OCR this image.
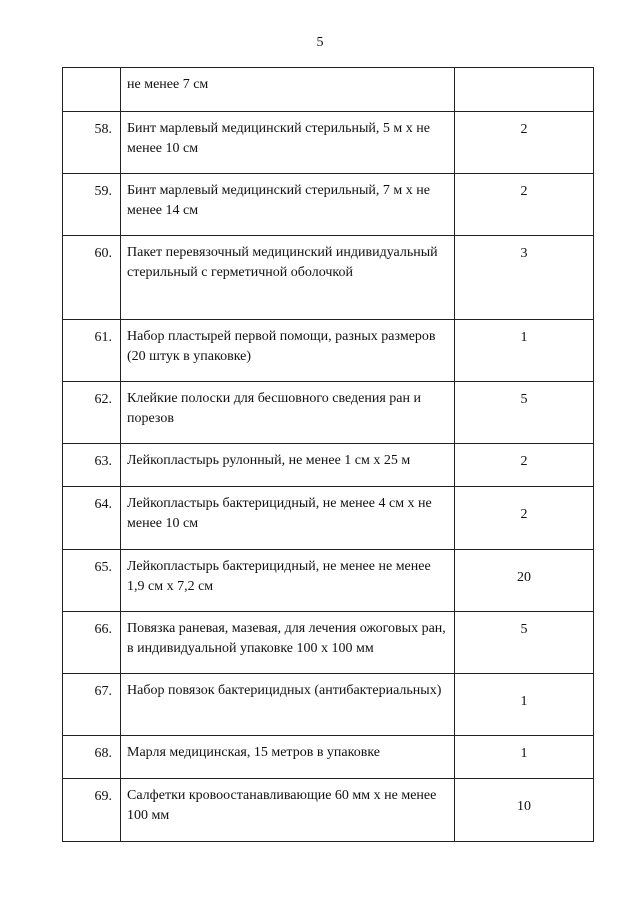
5

	не менее 7 см	

58.	Бинт марлевый медицинский стерильный, 5 м х не менее 10 см	2

59.	Бинт марлевый медицинский стерильный, 7 м х не менее 14 см	2

60.	Пакет перевязочный медицинский индивидуальный стерильный с герметичной оболочкой	3

61.	Набор пластырей первой помощи, разных размеров (20 штук в упаковке)	1

62.	Клейкие полоски для бесшовного сведения ран и порезов	5

63.	Лейкопластырь рулонный, не менее 1 см х 25 м	2

64.	Лейкопластырь бактерицидный, не менее 4 см х не менее 10 см	2

65.	Лейкопластырь бактерицидный, не менее не менее 1,9 см х 7,2 см	20

66.	Повязка раневая, мазевая, для лечения ожоговых ран, в индивидуальной упаковке 100 х 100 мм	5

67.	Набор повязок бактерицидных (антибактериальных)	1

68.	Марля медицинская, 15 метров в упаковке	1

69.	Салфетки кровоостанавливающие 60 мм х не менее 100 мм	10
